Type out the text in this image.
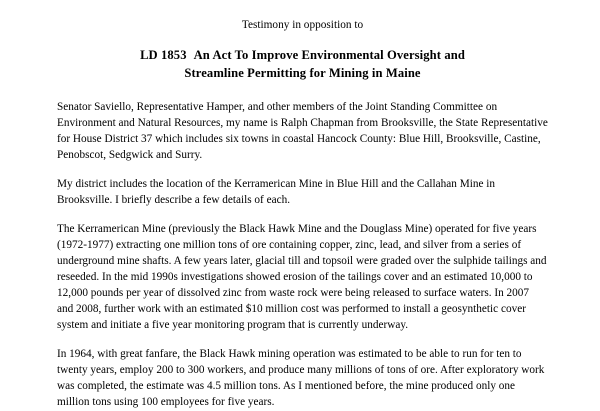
Testimony in opposition to
LD 1853 An Act To Improve Environmental Oversight and
Streamline Permitting for Mining in Maine

Senator Saviello, Representative Hamper, and other members of the Joint Standing Committee on Environment and Natural Resources, my name is Ralph Chapman from Brooksville, the State Representative for House District 37 which includes six towns in coastal Hancock County: Blue Hill, Brooksville, Castine, Penobscot, Sedgwick and Surry.

My district includes the location of the Kerramerican Mine in Blue Hill and the Callahan Mine in Brooksville. I briefly describe a few details of each.

The Kerramerican Mine (previously the Black Hawk Mine and the Douglass Mine) operated for five years (1972-1977) extracting one million tons of ore containing copper, zinc, lead, and silver from a series of underground mine shafts. A few years later, glacial till and topsoil were graded over the sulphide tailings and reseeded. In the mid 1990s investigations showed erosion of the tailings cover and an estimated 10,000 to 12,000 pounds per year of dissolved zinc from waste rock were being released to surface waters. In 2007 and 2008, further work with an estimated $10 million cost was performed to install a geosynthetic cover system and initiate a five year monitoring program that is currently underway.

In 1964, with great fanfare, the Black Hawk mining operation was estimated to be able to run for ten to twenty years, employ 200 to 300 workers, and produce many millions of tons of ore. After exploratory work was completed, the estimate was 4.5 million tons. As I mentioned before, the mine produced only one million tons using 100 employees for five years.
